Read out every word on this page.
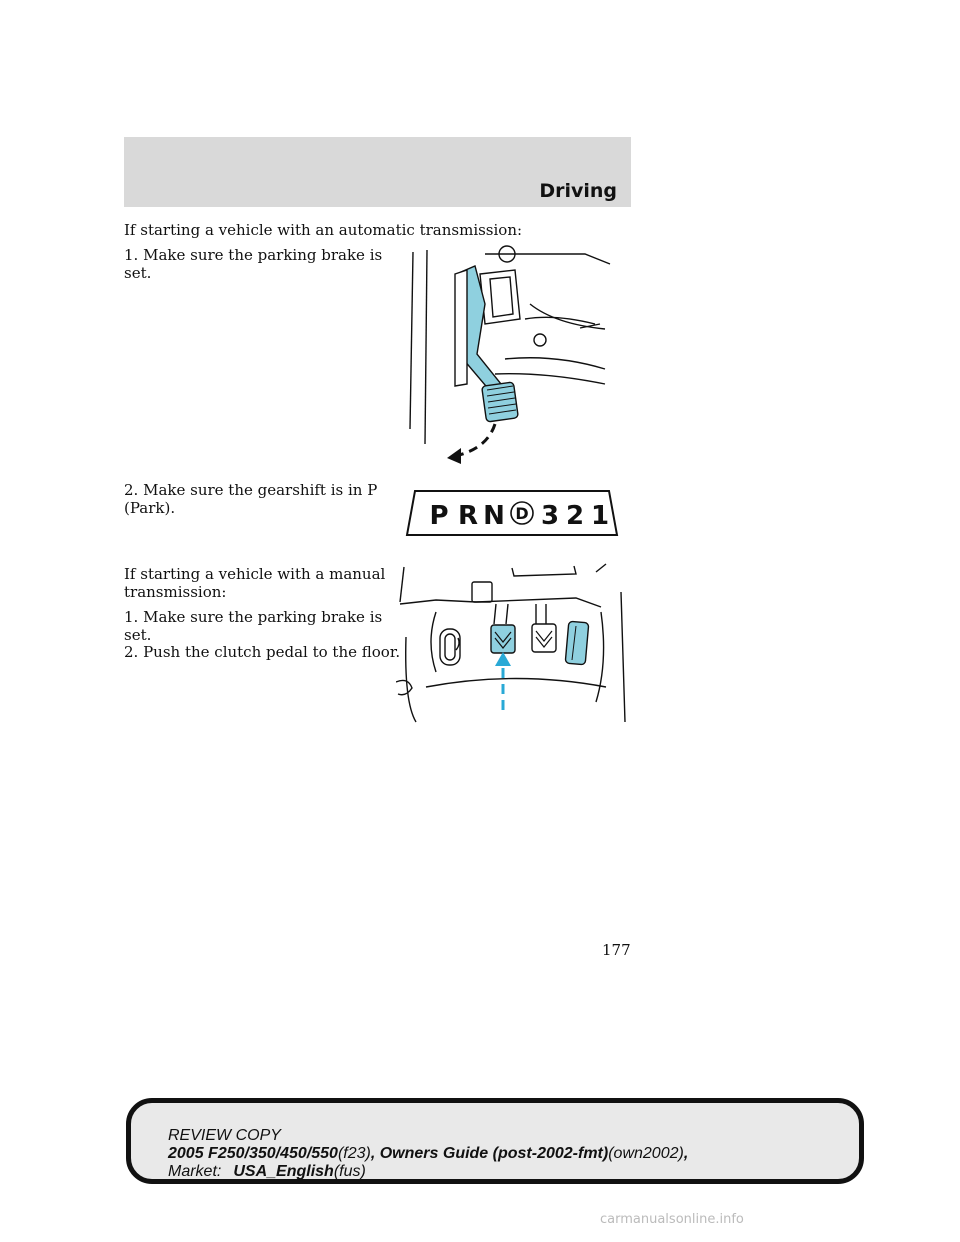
Driving

If starting a vehicle with an automatic transmission:

1. Make sure the parking brake is

set.

2. Make sure the gearshift is in P

(Park).	P R N D 3 2 1

If starting a vehicle with a manual

transmission:

1. Make sure the parking brake is

set.

2. Push the clutch pedal to the floor.

177
REVIEW COPY
2005 F250/350/450/550(f23), Owners Guide (post-2002-fmt)(own2002),
Market: USA_English(fus)
carmanualsonline.info
